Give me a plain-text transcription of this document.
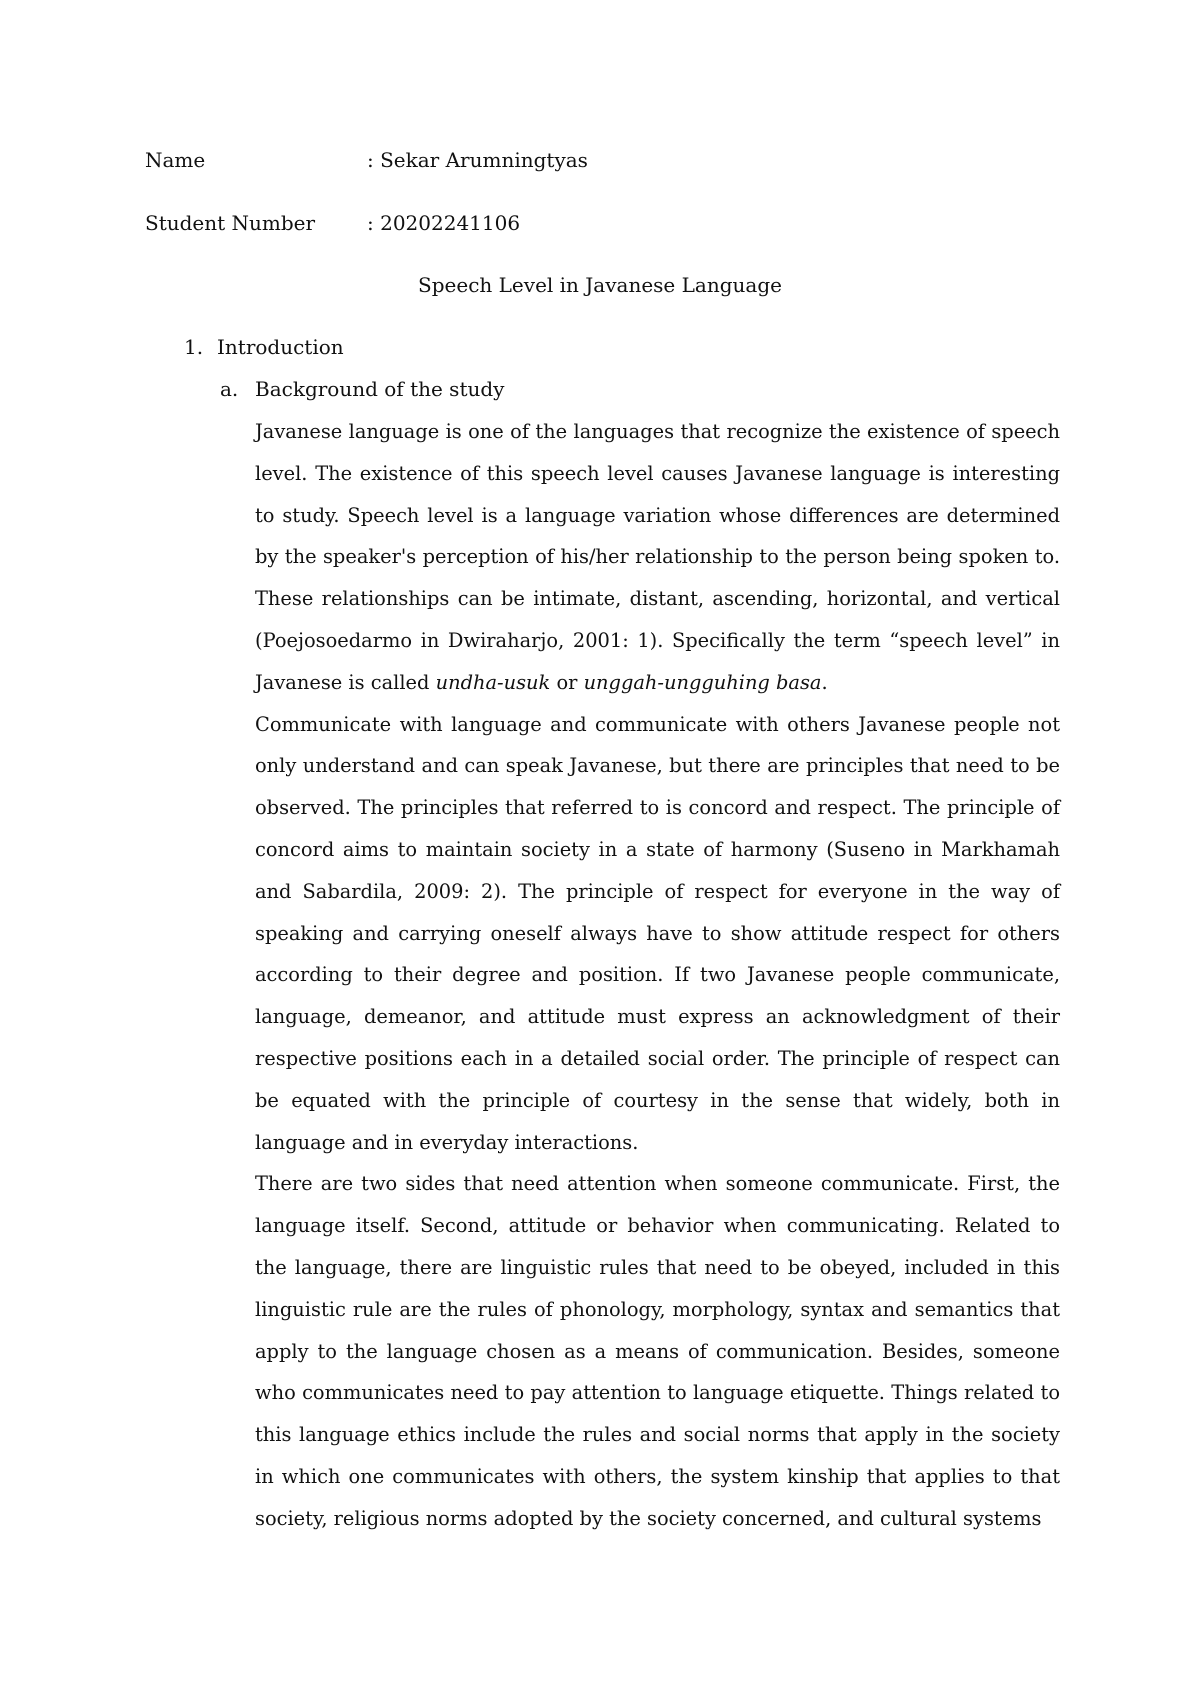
Name	: Sekar Arumningtyas
Student Number	: 20202241106
Speech Level in Javanese Language
1. Introduction
a. Background of the study

Javanese language is one of the languages that recognize the existence of speech level. The existence of this speech level causes Javanese language is interesting to study. Speech level is a language variation whose differences are determined by the speaker's perception of his/her relationship to the person being spoken to. These relationships can be intimate, distant, ascending, horizontal, and vertical (Poejosoedarmo in Dwiraharjo, 2001: 1). Specifically the term “speech level” in Javanese is called undha-usuk or unggah-ungguhing basa.

Communicate with language and communicate with others Javanese people not only understand and can speak Javanese, but there are principles that need to be observed. The principles that referred to is concord and respect. The principle of concord aims to maintain society in a state of harmony (Suseno in Markhamah and Sabardila, 2009: 2). The principle of respect for everyone in the way of speaking and carrying oneself always have to show attitude respect for others according to their degree and position. If two Javanese people communicate, language, demeanor, and attitude must express an acknowledgment of their respective positions each in a detailed social order. The principle of respect can be equated with the principle of courtesy in the sense that widely, both in language and in everyday interactions.

There are two sides that need attention when someone communicate. First, the language itself. Second, attitude or behavior when communicating. Related to the language, there are linguistic rules that need to be obeyed, included in this linguistic rule are the rules of phonology, morphology, syntax and semantics that apply to the language chosen as a means of communication. Besides, someone who communicates need to pay attention to language etiquette. Things related to this language ethics include the rules and social norms that apply in the society in which one communicates with others, the system kinship that applies to that society, religious norms adopted by the society concerned, and cultural systems
